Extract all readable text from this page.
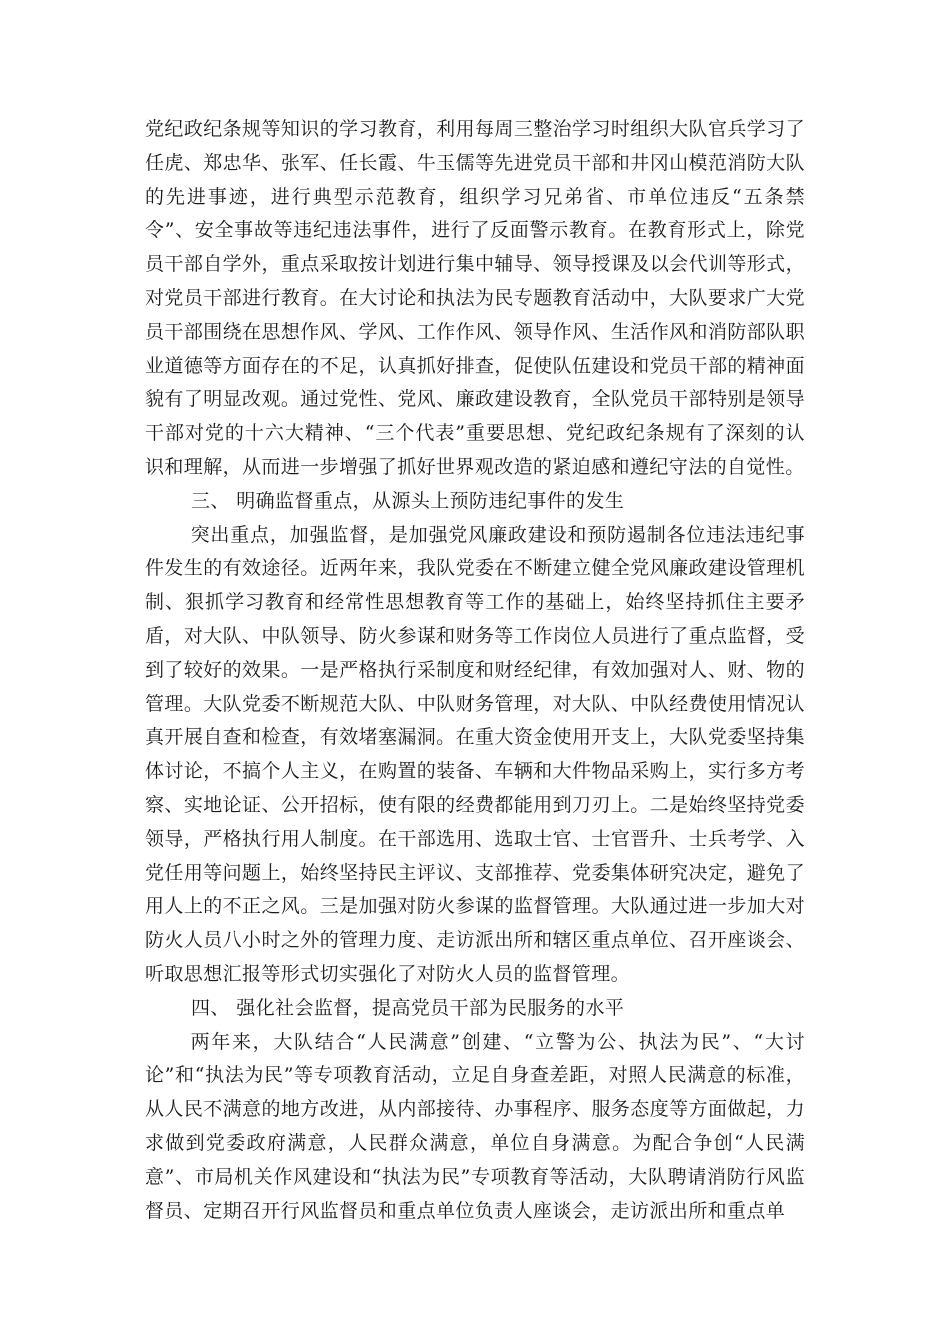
党纪政纪条规等知识的学习教育，利用每周三整治学习时组织大队官兵学习了任虎、郑忠华、张军、任长霞、牛玉儒等先进党员干部和井冈山模范消防大队的先进事迹，进行典型示范教育，组织学习兄弟省、市单位违反“五条禁令”、安全事故等违纪违法事件，进行了反面警示教育。在教育形式上，除党员干部自学外，重点采取按计划进行集中辅导、领导授课及以会代训等形式，对党员干部进行教育。在大讨论和执法为民专题教育活动中，大队要求广大党员干部围绕在思想作风、学风、工作作风、领导作风、生活作风和消防部队职业道德等方面存在的不足，认真抓好排查，促使队伍建设和党员干部的精神面貌有了明显改观。通过党性、党风、廉政建设教育，全队党员干部特别是领导干部对党的十六大精神、“三个代表”重要思想、党纪政纪条规有了深刻的认识和理解，从而进一步增强了抓好世界观改造的紧迫感和遵纪守法的自觉性。

三、 明确监督重点，从源头上预防违纪事件的发生

突出重点，加强监督，是加强党风廉政建设和预防遏制各位违法违纪事件发生的有效途径。近两年来，我队党委在不断建立健全党风廉政建设管理机制、狠抓学习教育和经常性思想教育等工作的基础上，始终坚持抓住主要矛盾，对大队、中队领导、防火参谋和财务等工作岗位人员进行了重点监督，受到了较好的效果。一是严格执行采制度和财经纪律，有效加强对人、财、物的管理。大队党委不断规范大队、中队财务管理，对大队、中队经费使用情况认真开展自查和检查，有效堵塞漏洞。在重大资金使用开支上，大队党委坚持集体讨论，不搞个人主义，在购置的装备、车辆和大件物品采购上，实行多方考察、实地论证、公开招标，使有限的经费都能用到刀刃上。二是始终坚持党委领导，严格执行用人制度。在干部选用、选取士官、士官晋升、士兵考学、入党任用等问题上，始终坚持民主评议、支部推荐、党委集体研究决定，避免了用人上的不正之风。三是加强对防火参谋的监督管理。大队通过进一步加大对防火人员八小时之外的管理力度、走访派出所和辖区重点单位、召开座谈会、听取思想汇报等形式切实强化了对防火人员的监督管理。

四、 强化社会监督，提高党员干部为民服务的水平

两年来，大队结合“人民满意”创建、“立警为公、执法为民”、“大讨论”和“执法为民”等专项教育活动，立足自身查差距，对照人民满意的标准，从人民不满意的地方改进，从内部接待、办事程序、服务态度等方面做起，力求做到党委政府满意，人民群众满意，单位自身满意。为配合争创“人民满意”、市局机关作风建设和“执法为民”专项教育等活动，大队聘请消防行风监督员、定期召开行风监督员和重点单位负责人座谈会，走访派出所和重点单
